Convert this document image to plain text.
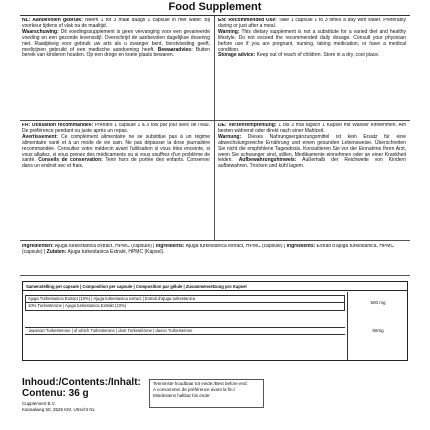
Food Supplement

NL: Aanbevolen gebruik: Neem 1 tot 3 maal daags 1 capsule in met water. Bij voorkeur tijdens of vlak na de maaltijd.

Waarschuwing: Dit voedingssupplement is geen vervanging voor een gevarieerde voeding en een gezonde levensstijl. Overschrijd de aanbevolen dagelijkse dosering niet. Raadpleeg voor gebruik uw arts als u zwanger bent, borstvoeding geeft, medicijnen gebruikt of een medische aandoening heeft. Bewaaradvies: Buiten bereik van kinderen houden. Op een droge en koele plaats bewaren.

EN: Recommended Use: Take 1 capsule 1 to 3 times a day with water. Preferably during or just after a meal.

Warning: This dietary supplement is not a substitute for a varied diet and healthy lifestyle. Do not exceed the recommended daily dosage. Consult your physician before use if you are pregnant, nursing, taking medication, or have a medical condition.

Storage advice: Keep out of reach of children. Store in a dry, cool place.

FR: Utilisation recommandée: Prendre 1 capsule 1 à 3 fois par jour avec de l'eau. De préférence pendant ou juste après un repas.

Avertissement: Ce complément alimentaire ne se substitue pas à un régime alimentaire varié et à un mode de vie sain. Ne pas dépasser la dose journalière recommandée. Consultez votre médecin avant l'utilisation si vous êtes enceinte, si vous allaitez, si vous prenez des médicaments ou si vous souffrez d'un problème de santé. Conseils de conservation: Tenir hors de portée des enfants. Conserver dans un endroit sec et frais.

DE: Verzehrempfehlung: 1 bis 3 mal täglich 1 Kapsel mit Wasser einnehmen. Am besten während oder direkt nach einer Mahlzeit.

Warnung: Dieses Nahrungsergänzungsmittel ist kein Ersatz für eine abwechslungsreiche Ernährung und einen gesunden Lebensweise. Überschreiten Sie nicht die empfohlene Tagesdosis. Konsultieren Sie vor der Einnahme Ihren Arzt, wenn Sie schwanger sind, stillen, Medikamente einnehmen oder an einer Krankheit leiden. Aufbewahrungshinweis: Außerhalb der Reichweite von Kindern aufbewahren. Trocken und kühl lagern.

Ingrediënten: Ajuga turkestanica extract, HPMC (capsule) | Ingredients: Ajuga turkestanica extract, HPMC (capsule) | Ingrédients: Extrait d'ajuga turkestanica, HPMC (capsule) | Zutaten: Ajuga turkestanica Extrakt, HPMC (Kapsel).

Samenstelling per capsule | Composition per capsule | Composition par gélule | Zusammensetzung pro Kapsel
Ajuga Turkestanica Extract (10%) | Ajuga turkestanica extract | Extrait d'ajuga turkestanica
10% Turkesterone | Ajuga turkestanica Extrakt (10%)
500 mg
waarvan Turkesterone | of which Turkesterone | dont Turkestérone | davon Turkesterone	50mg
Inhoud:/Contents:/Inhalt:
Contenu: 36 g
Cupplement B.V.
Kanaalweg 50, 3526 KM, Utrecht NL
Tenminste houdbaar tot einde:/Best before end:
A consommer de préférence avant la fin:/
Mindestens haltbar bis ende:
